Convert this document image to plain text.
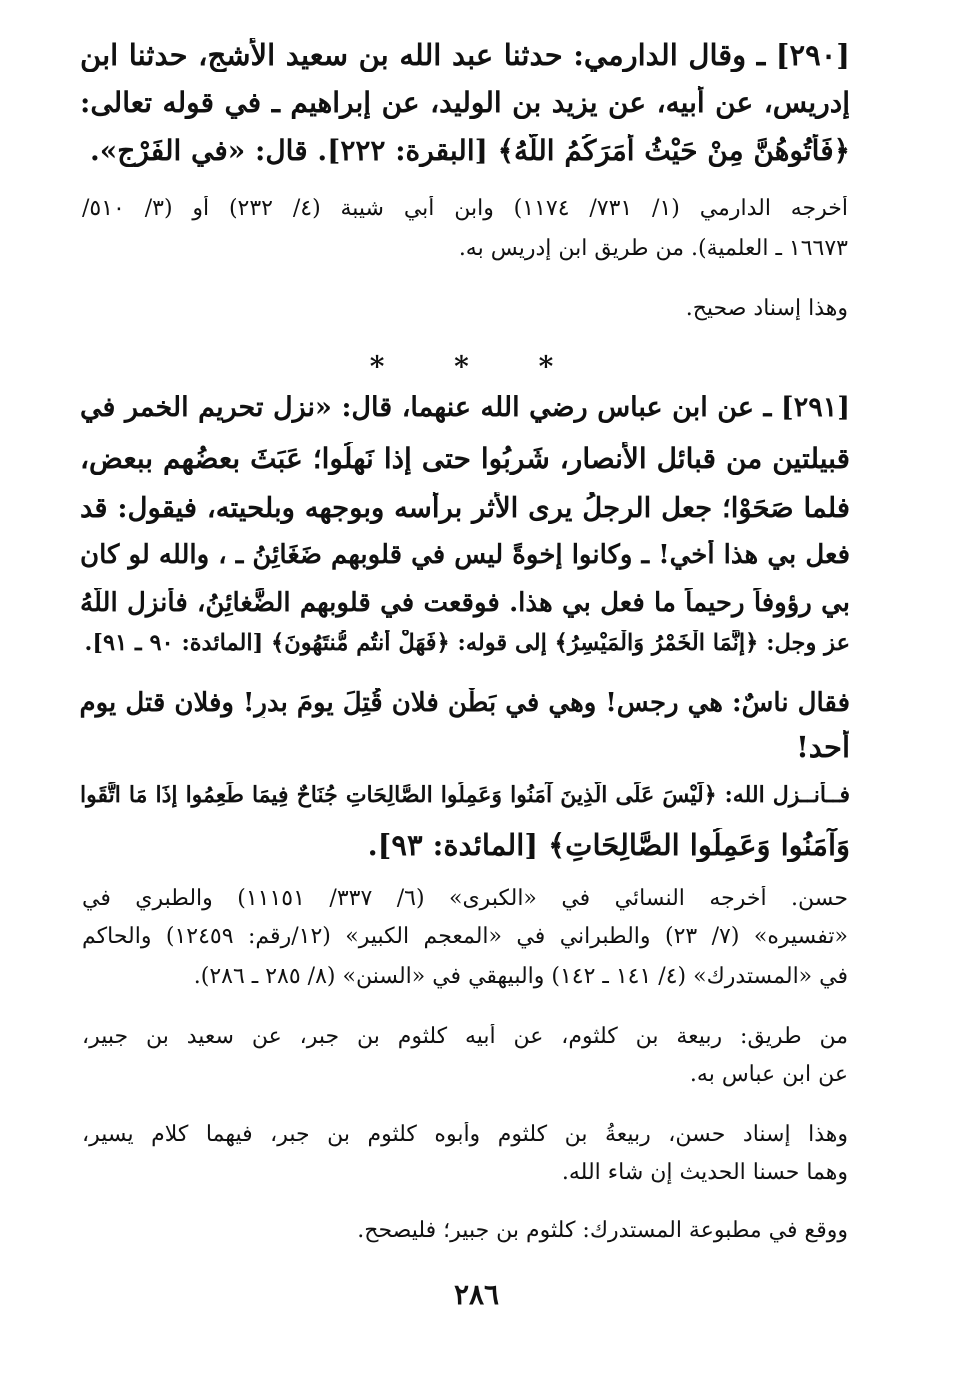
[٢٩٠] ـ وقال الدارمي: حدثنا عبد الله بن سعيد الأشج، حدثنا ابن
إدريس، عن أبيه، عن يزيد بن الوليد، عن إبراهيم ـ في قوله تعالى:
﴿فَأْتُوهُنَّ مِنْ حَيْثُ أَمَرَكُمُ اللَّهُ﴾ [البقرة: ٢٢٢]. قال: «في الفَرْجِ».
أخرجه الدارمي (١/ ٧٣١/ ١١٧٤) وابن أبي شيبة (٤/ ٢٣٢) أو (٣/ ٥١٠/
١٦٦٧٣ ـ العلمية). من طريق ابن إدريس به.
وهذا إسناد صحيح.
* * *
[٢٩١] ـ عن ابن عباس رضي الله عنهما، قال: «نزل تحريم الخمر في
قبيلتين من قبائل الأنصار، شَرِبُوا حتى إذا نَهِلُوا؛ عَبَثَ بعضُهم ببعضٍ،
فلما صَحَوْا؛ جعل الرجلُ يرى الأثر برأسه وبوجهه وبلحيته، فيقول: قد
فعل بي هذا أخي! ـ وكانوا إخوةً ليس في قلوبهم ضَغَائِنُ ـ ، والله لو كان
بي رؤوفاً رحيماً ما فعل بي هذا. فوقعت في قلوبهم الضَّغائِنُ، فأنزل اللَّهُ
عز وجل: ﴿إِنَّمَا الْخَمْرُ وَالْمَيْسِرُ﴾ إلى قوله: ﴿فَهَلْ أَنتُم مُّنتَهُونَ﴾ [المائدة: ٩٠ ـ ٩١].
فقال ناسٌ: هي رجس! وهي في بَطْنِ فلان قُتِلَ يومَ بدرٍ! وفلان قتل يوم
أحد!
فــأنــزل الله: ﴿لَيْسَ عَلَى الَّذِينَ آمَنُوا وَعَمِلُوا الصَّالِحَاتِ جُنَاحٌ فِيمَا طَعِمُوا إِذَا مَا اتَّقَوا
وَآمَنُوا وَعَمِلُوا الصَّالِحَاتِ﴾ [المائدة: ٩٣].
حسن. أخرجه النسائي في «الكبرى» (٦/ ٣٣٧/ ١١١٥١) والطبري في
«تفسيره» (٧/ ٢٣) والطبراني في «المعجم الكبير» (١٢/رقم: ١٢٤٥٩) والحاكم
في «المستدرك» (٤/ ١٤١ ـ ١٤٢) والبيهقي في «السنن» (٨/ ٢٨٥ ـ ٢٨٦).
من طريق: ربيعة بن كلثوم، عن أبيه كلثوم بن جبر، عن سعيد بن جبير،
عن ابن عباس به.
وهذا إسناد حسن، ربيعةُ بن كلثوم وأبوه كلثوم بن جبر، فيهما كلام يسير،
وهما حسنا الحديث إن شاء الله.
ووقع في مطبوعة المستدرك: كلثوم بن جبير؛ فليصحح.
٢٨٦
